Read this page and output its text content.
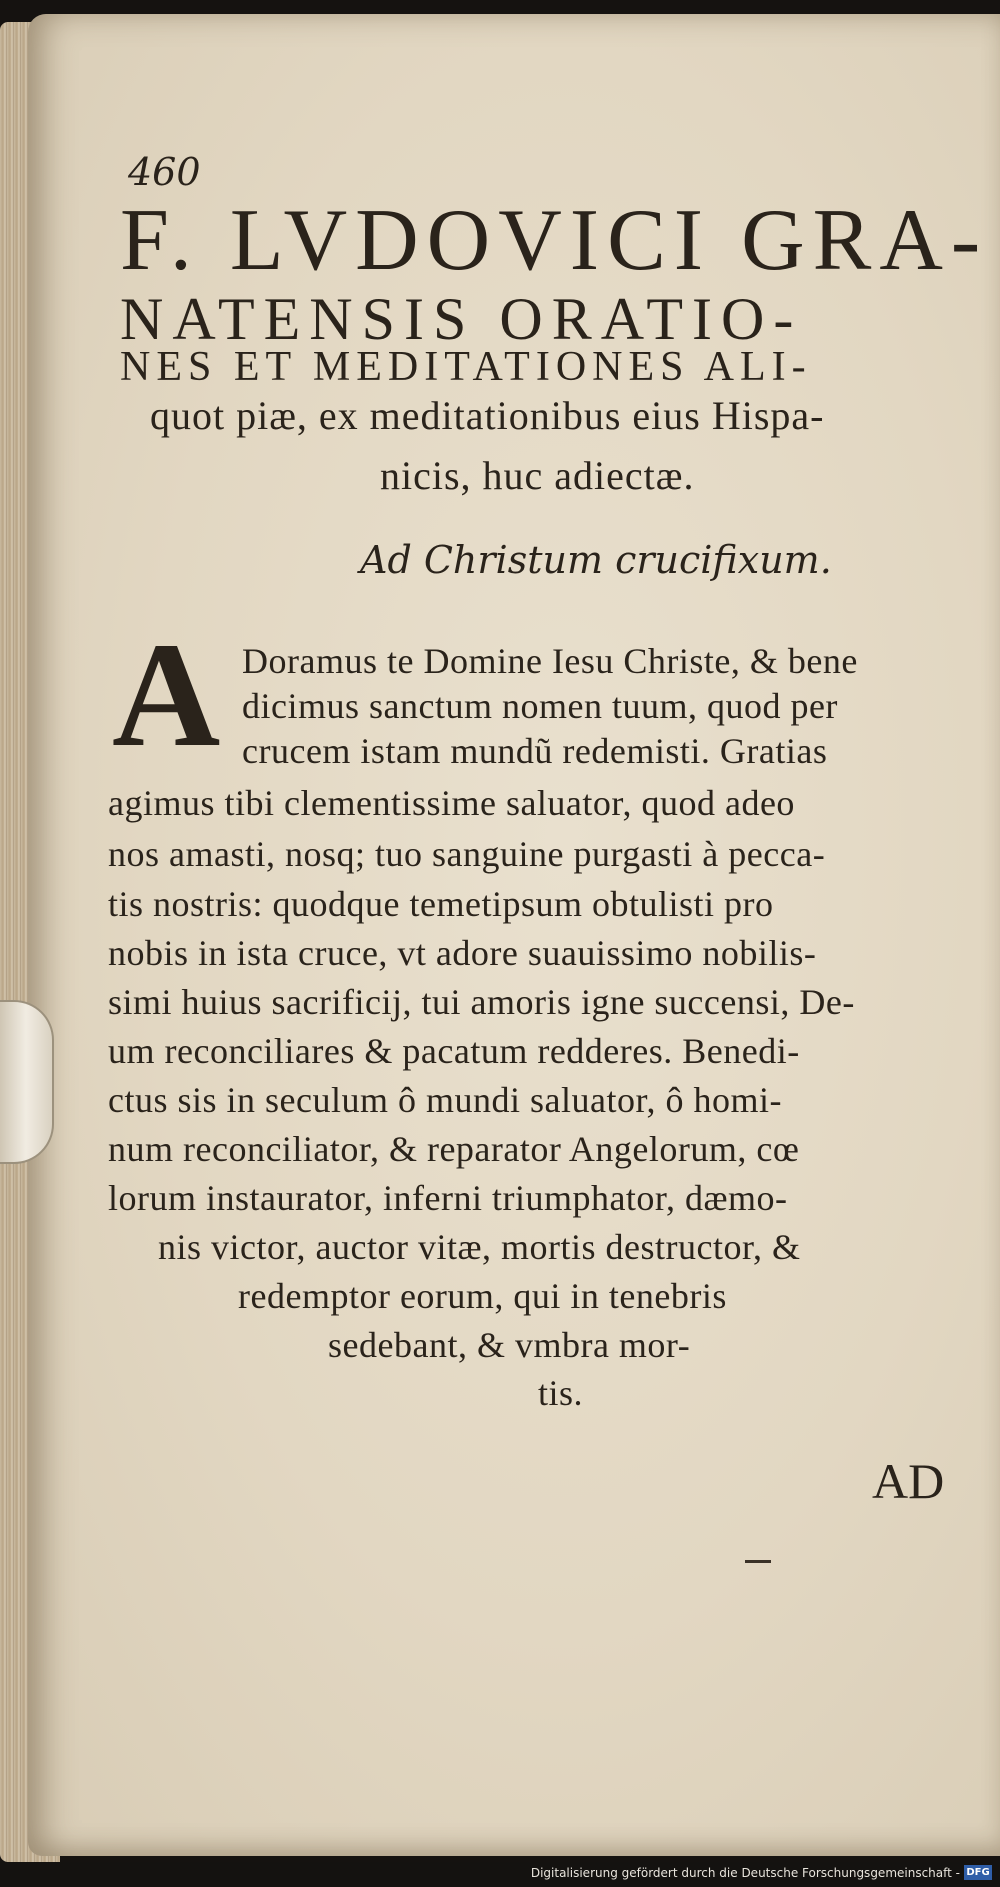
460
F. LVDOVICI GRA-
NATENSIS ORATIO-
NES ET MEDITATIONES ALI-
quot piæ, ex meditationibus eius Hispa-
nicis, huc adiectæ.
Ad Christum crucifixum.
A Doramus te Domine Iesu Christe, & bene
dicimus sanctum nomen tuum, quod per
crucem istam mundũ redemisti. Gratias
agimus tibi clementissime saluator, quod adeo
nos amasti, nosq; tuo sanguine purgasti à pecca-
tis nostris: quodque temetipsum obtulisti pro
nobis in ista cruce, vt adore suauissimo nobilis-
simi huius sacrificij, tui amoris igne succensi, De-
um reconciliares & pacatum redderes. Benedi-
ctus sis in seculum ô mundi saluator, ô homi-
num reconciliator, & reparator Angelorum, cœ
lorum instaurator, inferni triumphator, dæmo-
nis victor, auctor vitæ, mortis destructor, &
redemptor eorum, qui in tenebris
sedebant, & vmbra mor-
tis.
AD
Digitalisierung gefördert durch die Deutsche Forschungsgemeinschaft - DFG
